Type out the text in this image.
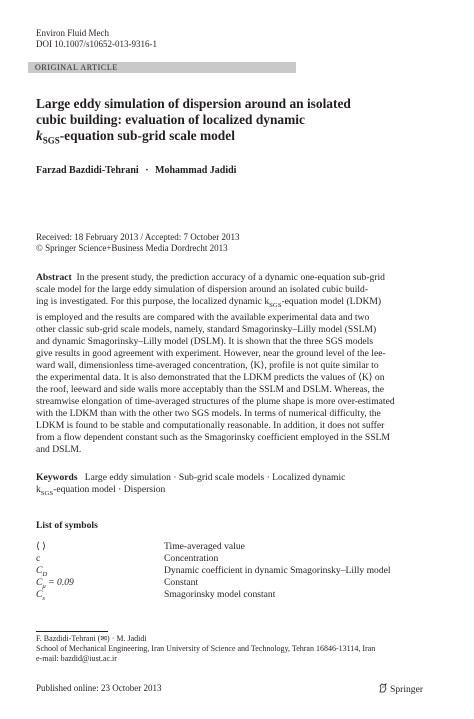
Environ Fluid Mech
DOI 10.1007/s10652-013-9316-1
ORIGINAL ARTICLE
Large eddy simulation of dispersion around an isolated
cubic building: evaluation of localized dynamic
$k_{SGS}$-equation sub-grid scale model
Farzad Bazdidi-Tehrani · Mohammad Jadidi
Received: 18 February 2013 / Accepted: 7 October 2013
© Springer Science+Business Media Dordrecht 2013
Abstract In the present study, the prediction accuracy of a dynamic one-equation sub-grid
scale model for the large eddy simulation of dispersion around an isolated cubic build-
ing is investigated. For this purpose, the localized dynamic $k_{SGS}$-equation model (LDKM)
is employed and the results are compared with the available experimental data and two
other classic sub-grid scale models, namely, standard Smagorinsky–Lilly model (SSLM)
and dynamic Smagorinsky–Lilly model (DSLM). It is shown that the three SGS models
give results in good agreement with experiment. However, near the ground level of the lee-
ward wall, dimensionless time-averaged concentration, ⟨K⟩, profile is not quite similar to
the experimental data. It is also demonstrated that the LDKM predicts the values of ⟨K⟩ on
the roof, leeward and side walls more acceptably than the SSLM and DSLM. Whereas, the
streamwise elongation of time-averaged structures of the plume shape is more over-estimated
with the LDKM than with the other two SGS models. In terms of numerical difficulty, the
LDKM is found to be stable and computationally reasonable. In addition, it does not suffer
from a flow dependent constant such as the Smagorinsky coefficient employed in the SSLM
and DSLM.
Keywords Large eddy simulation · Sub-grid scale models · Localized dynamic
$k_{SGS}$-equation model · Dispersion
List of symbols
⟨ ⟩	Time-averaged value
c	Concentration
$C_D$	Dynamic coefficient in dynamic Smagorinsky–Lilly model
$C_\mu = 0.09$	Constant
$C_s$	Smagorinsky model constant
F. Bazdidi-Tehrani (✉) · M. Jadidi
School of Mechanical Engineering, Iran University of Science and Technology, Tehran 16846-13114, Iran
e-mail: bazdid@iust.ac.ir
Published online: 23 October 2013	Springer
